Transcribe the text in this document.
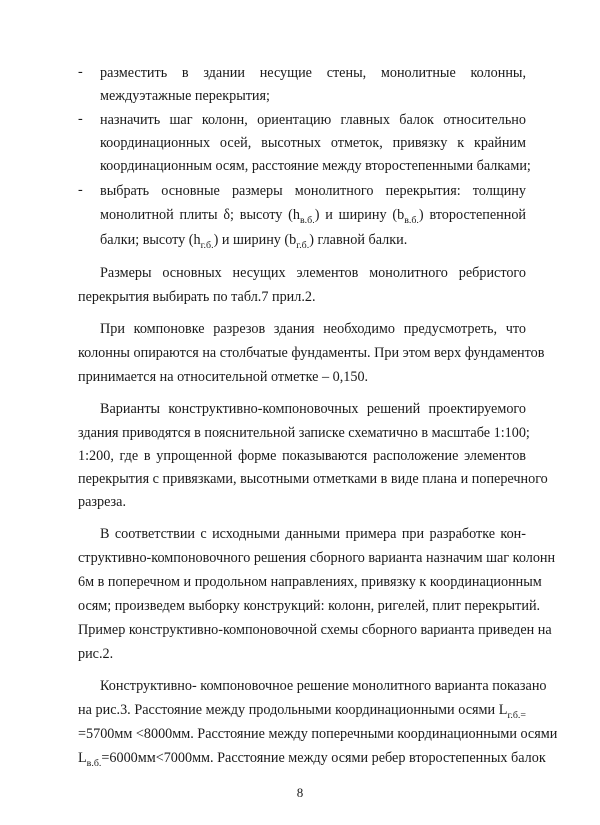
-	разместить в здании несущие стены, монолитные колонны,
междуэтажные перекрытия;
-	назначить шаг колонн, ориентацию главных балок относительно
координационных осей, высотных отметок, привязку к крайним
координационным осям, расстояние между второстепенными балками;
-	выбрать основные размеры монолитного перекрытия: толщину
монолитной плиты δ; высоту $(h_{в.б.})$ и ширину $(b_{в.б.})$ второстепенной
балки; высоту $(h_{г.б.})$ и ширину $(b_{г.б.})$ главной балки.
Размеры основных несущих элементов монолитного ребристого
перекрытия выбирать по табл.7 прил.2.
При компоновке разрезов здания необходимо предусмотреть, что
колонны опираются на столбчатые фундаменты. При этом верх фундаментов
принимается на относительной отметке – 0,150.
Варианты конструктивно-компоновочных решений проектируемого
здания приводятся в пояснительной записке схематично в масштабе 1:100;
1:200, где в упрощенной форме показываются расположение элементов
перекрытия с привязками, высотными отметками в виде плана и поперечного
разреза.
В соответствии с исходными данными примера при разработке кон-
структивно-компоновочного решения сборного варианта назначим шаг колонн
6м в поперечном и продольном направлениях, привязку к координационным
осям; произведем выборку конструкций: колонн, ригелей, плит перекрытий.
Пример конструктивно-компоновочной схемы сборного варианта приведен на
рис.2.
Конструктивно- компоновочное решение монолитного варианта показано
на рис.3. Расстояние между продольными координационными осями $L_{г.б.=}$
=5700мм <8000мм. Расстояние между поперечными координационными осями
$L_{в.б.}=6000мм<7000мм$. Расстояние между осями ребер второстепенных балок
8
